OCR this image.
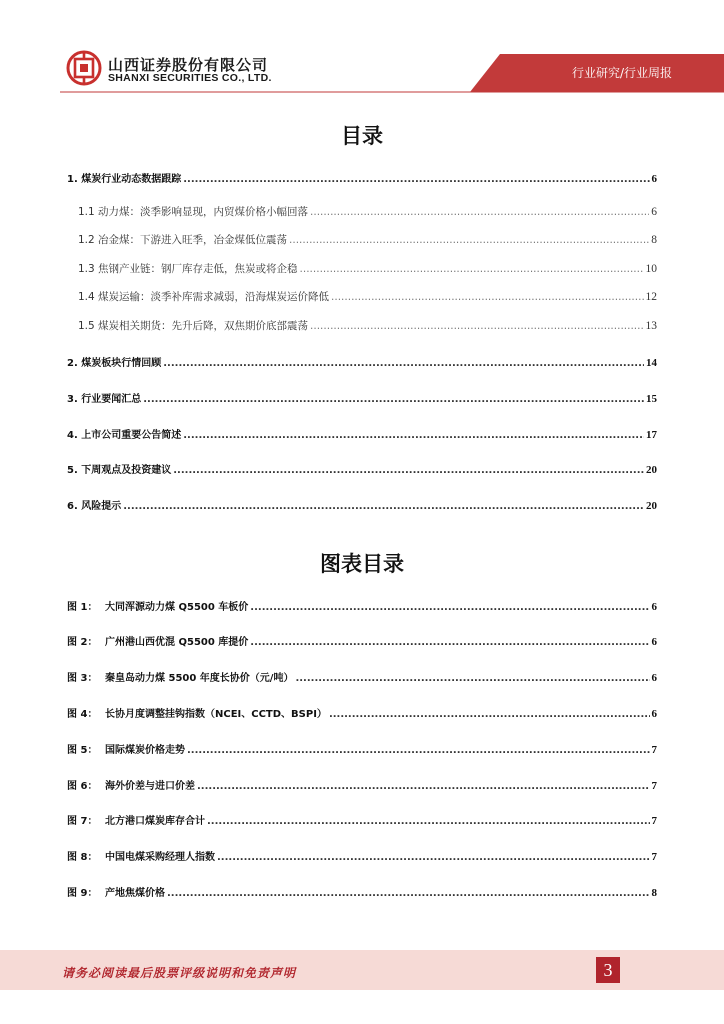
山西证券股份有限公司
SHANXI SECURITIES CO., LTD.	行业研究/行业周报
目录
1. 煤炭行业动态数据跟踪 .....	6
1.1 动力煤：淡季影响显现，内贸煤价格小幅回落 .....	6
1.2 冶金煤：下游进入旺季，冶金煤低位震荡 .....	8
1.3 焦钢产业链：钢厂库存走低，焦炭或将企稳 .....	10
1.4 煤炭运输：淡季补库需求减弱，沿海煤炭运价降低 .....	12
1.5 煤炭相关期货：先升后降，双焦期价底部震荡 .....	13
2. 煤炭板块行情回顾 .....	14
3. 行业要闻汇总 .....	15
4. 上市公司重要公告简述 .....	17
5. 下周观点及投资建议 .....	20
6. 风险提示 .....	20
图表目录
图 1： 大同浑源动力煤 Q5500 车板价 .....	6
图 2： 广州港山西优混 Q5500 库提价 .....	6
图 3： 秦皇岛动力煤 5500 年度长协价（元/吨） .....	6
图 4： 长协月度调整挂钩指数（NCEI、CCTD、BSPI） .....	6
图 5： 国际煤炭价格走势 .....	7
图 6： 海外价差与进口价差 .....	7
图 7： 北方港口煤炭库存合计 .....	7
图 8： 中国电煤采购经理人指数 .....	7
图 9： 产地焦煤价格 .....	8
请务必阅读最后股票评级说明和免责声明	3
